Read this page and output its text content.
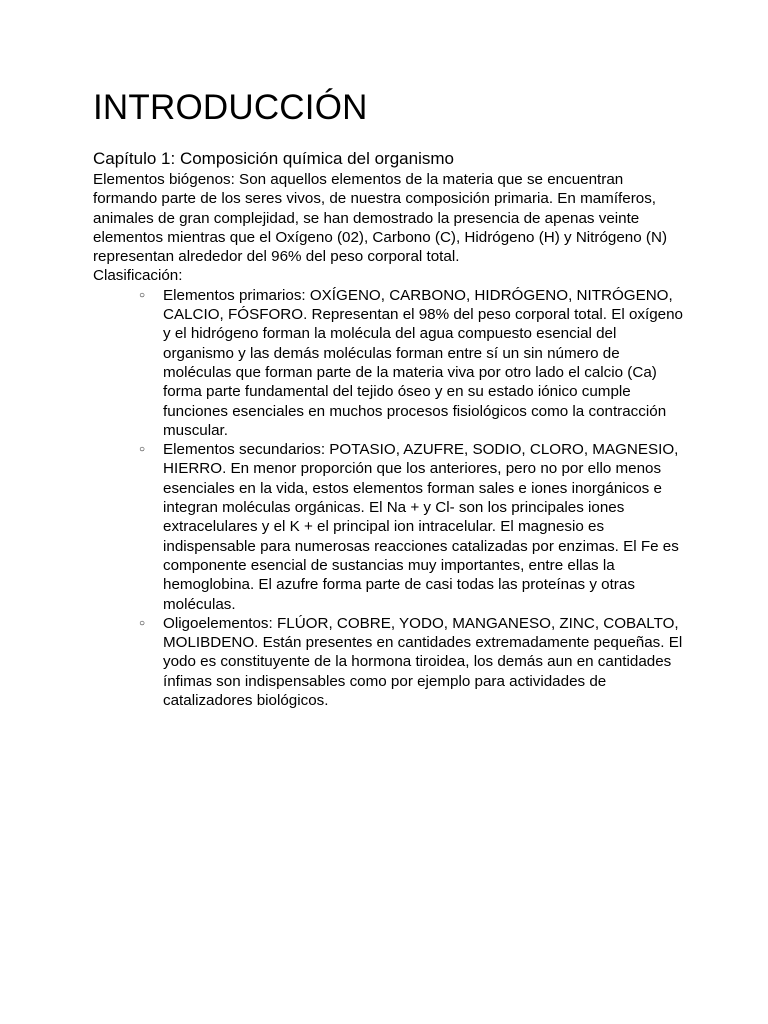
INTRODUCCIÓN
Capítulo 1: Composición química del organismo

Elementos biógenos: Son aquellos elementos de la materia que se encuentran formando parte de los seres vivos, de nuestra composición primaria. En mamíferos, animales de gran complejidad, se han demostrado la presencia de apenas veinte elementos mientras que el Oxígeno (02), Carbono (C), Hidrógeno (H) y Nitrógeno (N) representan alrededor del 96% del peso corporal total.

Clasificación:

○ Elementos primarios: OXÍGENO, CARBONO, HIDRÓGENO, NITRÓGENO, CALCIO, FÓSFORO. Representan el 98% del peso corporal total. El oxígeno y el hidrógeno forman la molécula del agua compuesto esencial del organismo y las demás moléculas forman entre sí un sin número de moléculas que forman parte de la materia viva por otro lado el calcio (Ca) forma parte fundamental del tejido óseo y en su estado iónico cumple funciones esenciales en muchos procesos fisiológicos como la contracción muscular.
○ Elementos secundarios: POTASIO, AZUFRE, SODIO, CLORO, MAGNESIO, HIERRO. En menor proporción que los anteriores, pero no por ello menos esenciales en la vida, estos elementos forman sales e iones inorgánicos e integran moléculas orgánicas. El Na + y Cl- son los principales iones extracelulares y el K + el principal ion intracelular. El magnesio es indispensable para numerosas reacciones catalizadas por enzimas. El Fe es componente esencial de sustancias muy importantes, entre ellas la hemoglobina. El azufre forma parte de casi todas las proteínas y otras moléculas.
○ Oligoelementos: FLÚOR, COBRE, YODO, MANGANESO, ZINC, COBALTO, MOLIBDENO. Están presentes en cantidades extremadamente pequeñas. El yodo es constituyente de la hormona tiroidea, los demás aun en cantidades ínfimas son indispensables como por ejemplo para actividades de catalizadores biológicos.
